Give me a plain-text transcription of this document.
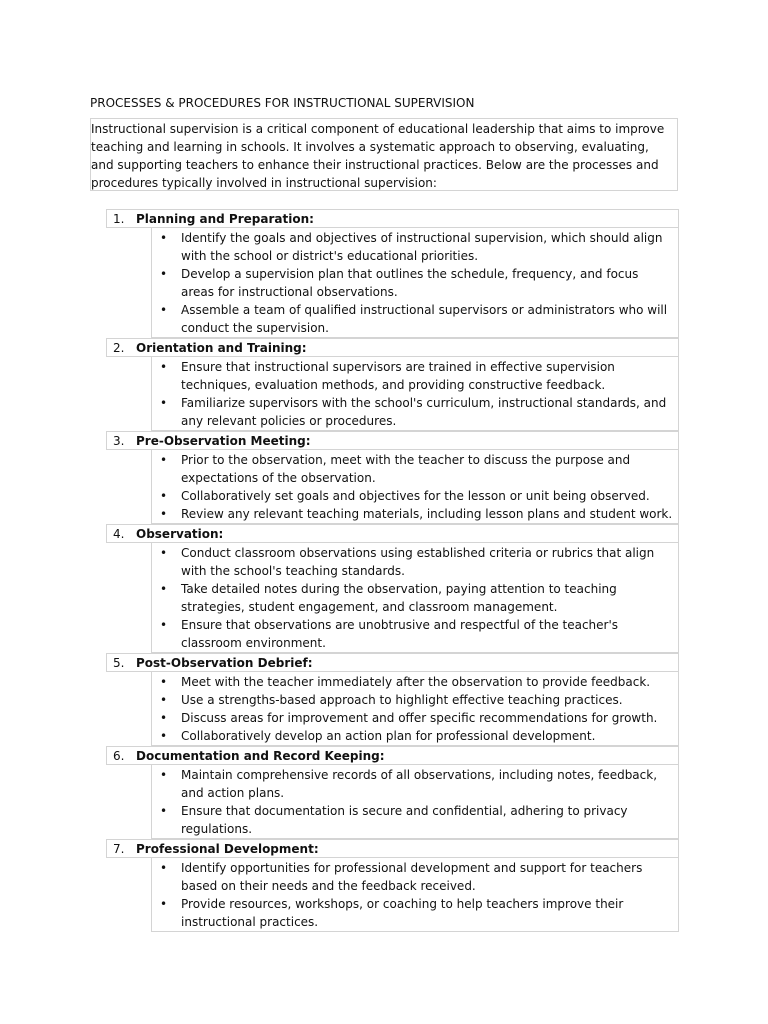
PROCESSES & PROCEDURES FOR INSTRUCTIONAL SUPERVISION
Instructional supervision is a critical component of educational leadership that aims to improve teaching and learning in schools. It involves a systematic approach to observing, evaluating, and supporting teachers to enhance their instructional practices. Below are the processes and procedures typically involved in instructional supervision:
1. Planning and Preparation:
• Identify the goals and objectives of instructional supervision, which should align with the school or district's educational priorities.
• Develop a supervision plan that outlines the schedule, frequency, and focus areas for instructional observations.
• Assemble a team of qualified instructional supervisors or administrators who will conduct the supervision.
2. Orientation and Training:
• Ensure that instructional supervisors are trained in effective supervision techniques, evaluation methods, and providing constructive feedback.
• Familiarize supervisors with the school's curriculum, instructional standards, and any relevant policies or procedures.
3. Pre-Observation Meeting:
• Prior to the observation, meet with the teacher to discuss the purpose and expectations of the observation.
• Collaboratively set goals and objectives for the lesson or unit being observed.
• Review any relevant teaching materials, including lesson plans and student work.
4. Observation:
• Conduct classroom observations using established criteria or rubrics that align with the school's teaching standards.
• Take detailed notes during the observation, paying attention to teaching strategies, student engagement, and classroom management.
• Ensure that observations are unobtrusive and respectful of the teacher's classroom environment.
5. Post-Observation Debrief:
• Meet with the teacher immediately after the observation to provide feedback.
• Use a strengths-based approach to highlight effective teaching practices.
• Discuss areas for improvement and offer specific recommendations for growth.
• Collaboratively develop an action plan for professional development.
6. Documentation and Record Keeping:
• Maintain comprehensive records of all observations, including notes, feedback, and action plans.
• Ensure that documentation is secure and confidential, adhering to privacy regulations.
7. Professional Development:
• Identify opportunities for professional development and support for teachers based on their needs and the feedback received.
• Provide resources, workshops, or coaching to help teachers improve their instructional practices.
